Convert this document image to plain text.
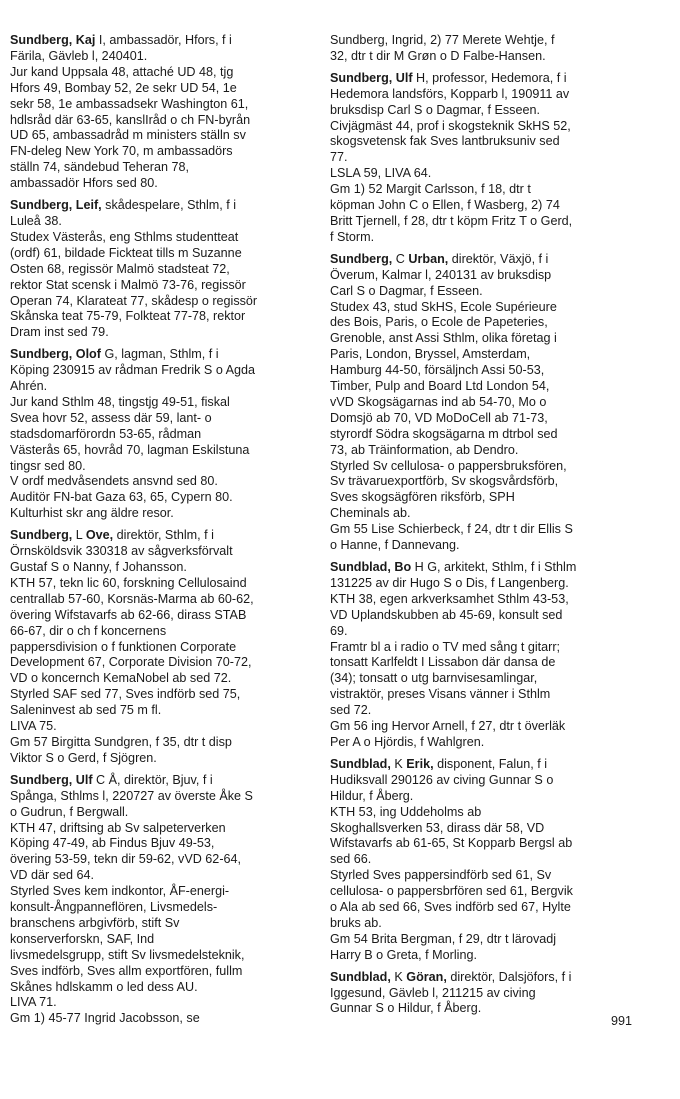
Sundberg, Kaj I, ambassadör, Hfors, f i
Färila, Gävleb l, 240401.
Jur kand Uppsala 48, attaché UD 48, tjg
Hfors 49, Bombay 52, 2e sekr UD 54, 1e
sekr 58, 1e ambassadsekr Washington 61,
hdlsråd där 63-65, kanslIråd o ch FN-byrån
UD 65, ambassadråd m ministers ställn sv
FN-deleg New York 70, m ambassadörs
ställn 74, sändebud Teheran 78,
ambassadör Hfors sed 80.
Sundberg, Leif, skådespelare, Sthlm, f i
Luleå 38.
Studex Västerås, eng Sthlms studentteat
(ordf) 61, bildade Fickteat tills m Suzanne
Osten 68, regissör Malmö stadsteat 72,
rektor Stat scensk i Malmö 73-76, regissör
Operan 74, Klarateat 77, skådesp o regissör
Skånska teat 75-79, Folkteat 77-78, rektor
Dram inst sed 79.
Sundberg, Olof G, lagman, Sthlm, f i
Köping 230915 av rådman Fredrik S o Agda
Ahrén.
Jur kand Sthlm 48, tingstjg 49-51, fiskal
Svea hovr 52, assess där 59, lant- o
stadsdomarförordn 53-65, rådman
Västerås 65, hovråd 70, lagman Eskilstuna
tingsr sed 80.
V ordf medvåsendets ansvnd sed 80.
Auditör FN-bat Gaza 63, 65, Cypern 80.
Kulturhist skr ang äldre resor.
Sundberg, L Ove, direktör, Sthlm, f i
Örnsköldsvik 330318 av sågverksförvalt
Gustaf S o Nanny, f Johansson.
KTH 57, tekn lic 60, forskning Cellulosaind
centrallab 57-60, Korsnäs-Marma ab 60-62,
övering Wifstavarfs ab 62-66, dirass STAB
66-67, dir o ch f koncernens
pappersdivision o f funktionen Corporate
Development 67, Corporate Division 70-72,
VD o koncernch KemaNobel ab sed 72.
Styrled SAF sed 77, Sves indförb sed 75,
Saleninvest ab sed 75 m fl.
LIVA 75.
Gm 57 Birgitta Sundgren, f 35, dtr t disp
Viktor S o Gerd, f Sjögren.
Sundberg, Ulf C Å, direktör, Bjuv, f i
Spånga, Sthlms l, 220727 av överste Åke S
o Gudrun, f Bergwall.
KTH 47, driftsing ab Sv salpeterverken
Köping 47-49, ab Findus Bjuv 49-53,
övering 53-59, tekn dir 59-62, vVD 62-64,
VD där sed 64.
Styrled Sves kem indkontor, ÅF-energi-
konsult-Ångpanneflören, Livsmedels-
branschens arbgivförb, stift Sv
konserverforskn, SAF, Ind
livsmedelsgrupp, stift Sv livsmedelsteknik,
Sves indförb, Sves allm exportfören, fullm
Skånes hdlskamm o led dess AU.
LIVA 71.
Gm 1) 45-77 Ingrid Jacobsson, se
Sundberg, Ingrid, 2) 77 Merete Wehtje, f
32, dtr t dir M Grøn o D Falbe-Hansen.
Sundberg, Ulf H, professor, Hedemora, f i
Hedemora landsförs, Kopparb l, 190911 av
bruksdisp Carl S o Dagmar, f Esseen.
Civjägmäst 44, prof i skogsteknik SkHS 52,
skogsvetensk fak Sves lantbruksuniv sed
77.
LSLA 59, LIVA 64.
Gm 1) 52 Margit Carlsson, f 18, dtr t
köpman John C o Ellen, f Wasberg, 2) 74
Britt Tjernell, f 28, dtr t köpm Fritz T o Gerd,
f Storm.
Sundberg, C Urban, direktör, Växjö, f i
Överum, Kalmar l, 240131 av bruksdisp
Carl S o Dagmar, f Esseen.
Studex 43, stud SkHS, Ecole Supérieure
des Bois, Paris, o Ecole de Papeteries,
Grenoble, anst Assi Sthlm, olika företag i
Paris, London, Bryssel, Amsterdam,
Hamburg 44-50, försäljnch Assi 50-53,
Timber, Pulp and Board Ltd London 54,
vVD Skogsägarnas ind ab 54-70, Mo o
Domsjö ab 70, VD MoDoCell ab 71-73,
styrordf Södra skogsägarna m dtrbol sed
73, ab Träinformation, ab Dendro.
Styrled Sv cellulosa- o pappersbruksfören,
Sv trävaruexportförb, Sv skogsvårdsförb,
Sves skogsägfören riksförb, SPH
Cheminals ab.
Gm 55 Lise Schierbeck, f 24, dtr t dir Ellis S
o Hanne, f Dannevang.
Sundblad, Bo H G, arkitekt, Sthlm, f i Sthlm
131225 av dir Hugo S o Dis, f Langenberg.
KTH 38, egen arkverksamhet Sthlm 43-53,
VD Uplandskubben ab 45-69, konsult sed
69.
Framtr bl a i radio o TV med sång t gitarr;
tonsatt Karlfeldt I Lissabon där dansa de
(34); tonsatt o utg barnvisesamlingar,
vistraktör, preses Visans vänner i Sthlm
sed 72.
Gm 56 ing Hervor Arnell, f 27, dtr t överläk
Per A o Hjördis, f Wahlgren.
Sundblad, K Erik, disponent, Falun, f i
Hudiksvall 290126 av civing Gunnar S o
Hildur, f Åberg.
KTH 53, ing Uddeholms ab
Skoghallsverken 53, dirass där 58, VD
Wifstavarfs ab 61-65, St Kopparb Bergsl ab
sed 66.
Styrled Sves pappersindförb sed 61, Sv
cellulosa- o pappersbrfören sed 61, Bergvik
o Ala ab sed 66, Sves indförb sed 67, Hylte
bruks ab.
Gm 54 Brita Bergman, f 29, dtr t lärovadj
Harry B o Greta, f Morling.
Sundblad, K Göran, direktör, Dalsjöfors, f i
Iggesund, Gävleb l, 211215 av civing
Gunnar S o Hildur, f Åberg.
991
